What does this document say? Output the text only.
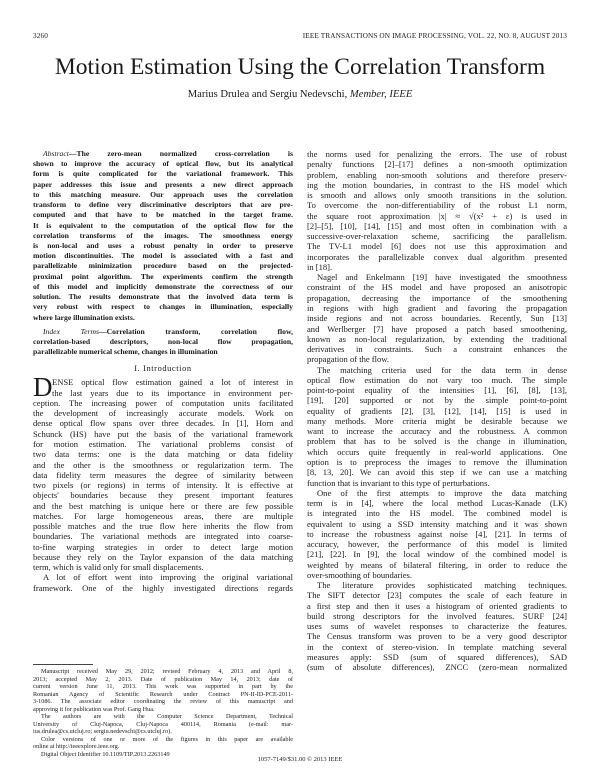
3260	IEEE TRANSACTIONS ON IMAGE PROCESSING, VOL. 22, NO. 8, AUGUST 2013
Motion Estimation Using the Correlation Transform
Marius Drulea and Sergiu Nedevschi, Member, IEEE
Abstract—The zero-mean normalized cross-correlation is
shown to improve the accuracy of optical flow, but its analytical
form is quite complicated for the variational framework. This
paper addresses this issue and presents a new direct approach
to this matching measure. Our approach uses the correlation
transform to define very discriminative descriptors that are pre-
computed and that have to be matched in the target frame.
It is equivalent to the computation of the optical flow for the
correlation transforms of the images. The smoothness energy
is non-local and uses a robust penalty in order to preserve
motion discontinuities. The model is associated with a fast and
parallelizable minimization procedure based on the projected-
proximal point algorithm. The experiments confirm the strength
of this model and implicitly demonstrate the correctness of our
solution. The results demonstrate that the involved data term is
very robust with respect to changes in illumination, especially
where large illumination exists.
Index Terms—Correlation transform, correlation flow,
correlation-based descriptors, non-local flow propagation,
parallelizable numerical scheme, changes in illumination
I. Introduction
D ENSE optical flow estimation gained a lot of interest in
the last years due to its importance in environment per-
ception. The increasing power of computation units facilitated
the development of increasingly accurate models. Work on
dense optical flow spans over three decades. In [1], Horn and
Schunck (HS) have put the basis of the variational framework
for motion estimation. The variational problems consist of
two data terms: one is the data matching or data fidelity
and the other is the smoothness or regularization term. The
data fidelity term measures the degree of similarity between
two pixels (or regions) in terms of intensity. It is effective at
objects' boundaries because they present important features
and the best matching is unique here or there are few possible
matches. For large homogeneous areas, there are multiple
possible matches and the true flow here inherits the flow from
boundaries. The variational methods are integrated into coarse-
to-fine warping strategies in order to detect large motion
because they rely on the Taylor expansion of the data matching
term, which is valid only for small displacements.
A lot of effort went into improving the original variational
framework. One of the highly investigated directions regards
Manuscript received May 29, 2012; revised February 4, 2013 and April 8,
2013; accepted May 2, 2013. Date of publication May 14, 2013; date of
current version June 11, 2013. This work was supported in part by the
Romanian Agency of Scientific Research under Contract PN-II-ID-PCE-2011-
3-1086. The associate editor coordinating the review of this manuscript and
approving it for publication was Prof. Gang Hua.
The authors are with the Computer Science Department, Technical
University of Cluj-Napoca, Cluj-Napoca 400114, Romania (e-mail: mar-
ius.drulea@cs.utcluj.ro; sergiu.nedevschi@cs.utcluj.ro).
Color versions of one or more of the figures in this paper are available
online at http://ieeexplore.ieee.org.
Digital Object Identifier 10.1109/TIP.2013.2263149
the norms used for penalizing the errors. The use of robust
penalty functions [2]–[17] defines a non-smooth optimization
problem, enabling non-smooth solutions and therefore preserv-
ing the motion boundaries, in contrast to the HS model which
is smooth and allows only smooth transitions in the solution.
To overcome the non-differentiability of the robust L1 norm,
the square root approximation |x| ≈ √(x² + ε) is used in
[2]–[5], [10], [14], [15] and most often in combination with a
successive-over-relaxation scheme, sacrificing the parallelism.
The TV-L1 model [6] does not use this approximation and
incorporates the parallelizable convex dual algorithm presented
in [18].
Nagel and Enkelmann [19] have investigated the smoothness
constraint of the HS model and have proposed an anisotropic
propagation, decreasing the importance of the smoothening
in regions with high gradient and favoring the propagation
inside regions and not across boundaries. Recently, Sun [13]
and Werlberger [7] have proposed a patch based smoothening,
known as non-local regularization, by extending the traditional
derivatives in constraints. Such a constraint enhances the
propagation of the flow.
The matching criteria used for the data term in dense
optical flow estimation do not vary too much. The simple
point-to-point equality of the intensities [1], [6], [8], [13],
[19], [20] supported or not by the simple point-to-point
equality of gradients [2], [3], [12], [14], [15] is used in
many methods. More criteria might be desirable because we
want to increase the accuracy and the robustness. A common
problem that has to be solved is the change in illumination,
which occurs quite frequently in real-world applications. One
option is to preprocess the images to remove the illumination
[8, 13, 20]. We can avoid this step if we can use a matching
function that is invariant to this type of perturbations.
One of the first attempts to improve the data matching
term is in [4], where the local method Lucas-Kanade (LK)
is integrated into the HS model. The combined model is
equivalent to using a SSD intensity matching and it was shown
to increase the robustness against noise [4], [21]. In terms of
accuracy, however, the performance of this model is limited
[21], [22]. In [9], the local window of the combined model is
weighted by means of bilateral filtering, in order to reduce the
over-smoothing of boundaries.
The literature provides sophisticated matching techniques.
The SIFT detector [23] computes the scale of each feature in
a first step and then it uses a histogram of oriented gradients to
build strong descriptors for the involved features. SURF [24]
uses sums of wavelet responses to characterize the features.
The Census transform was proven to be a very good descriptor
in the context of stereo-vision. In template matching several
measures apply: SSD (sum of squared differences), SAD
(sum of absolute differences), ZNCC (zero-mean normalized
1057-7149/$31.00 © 2013 IEEE
